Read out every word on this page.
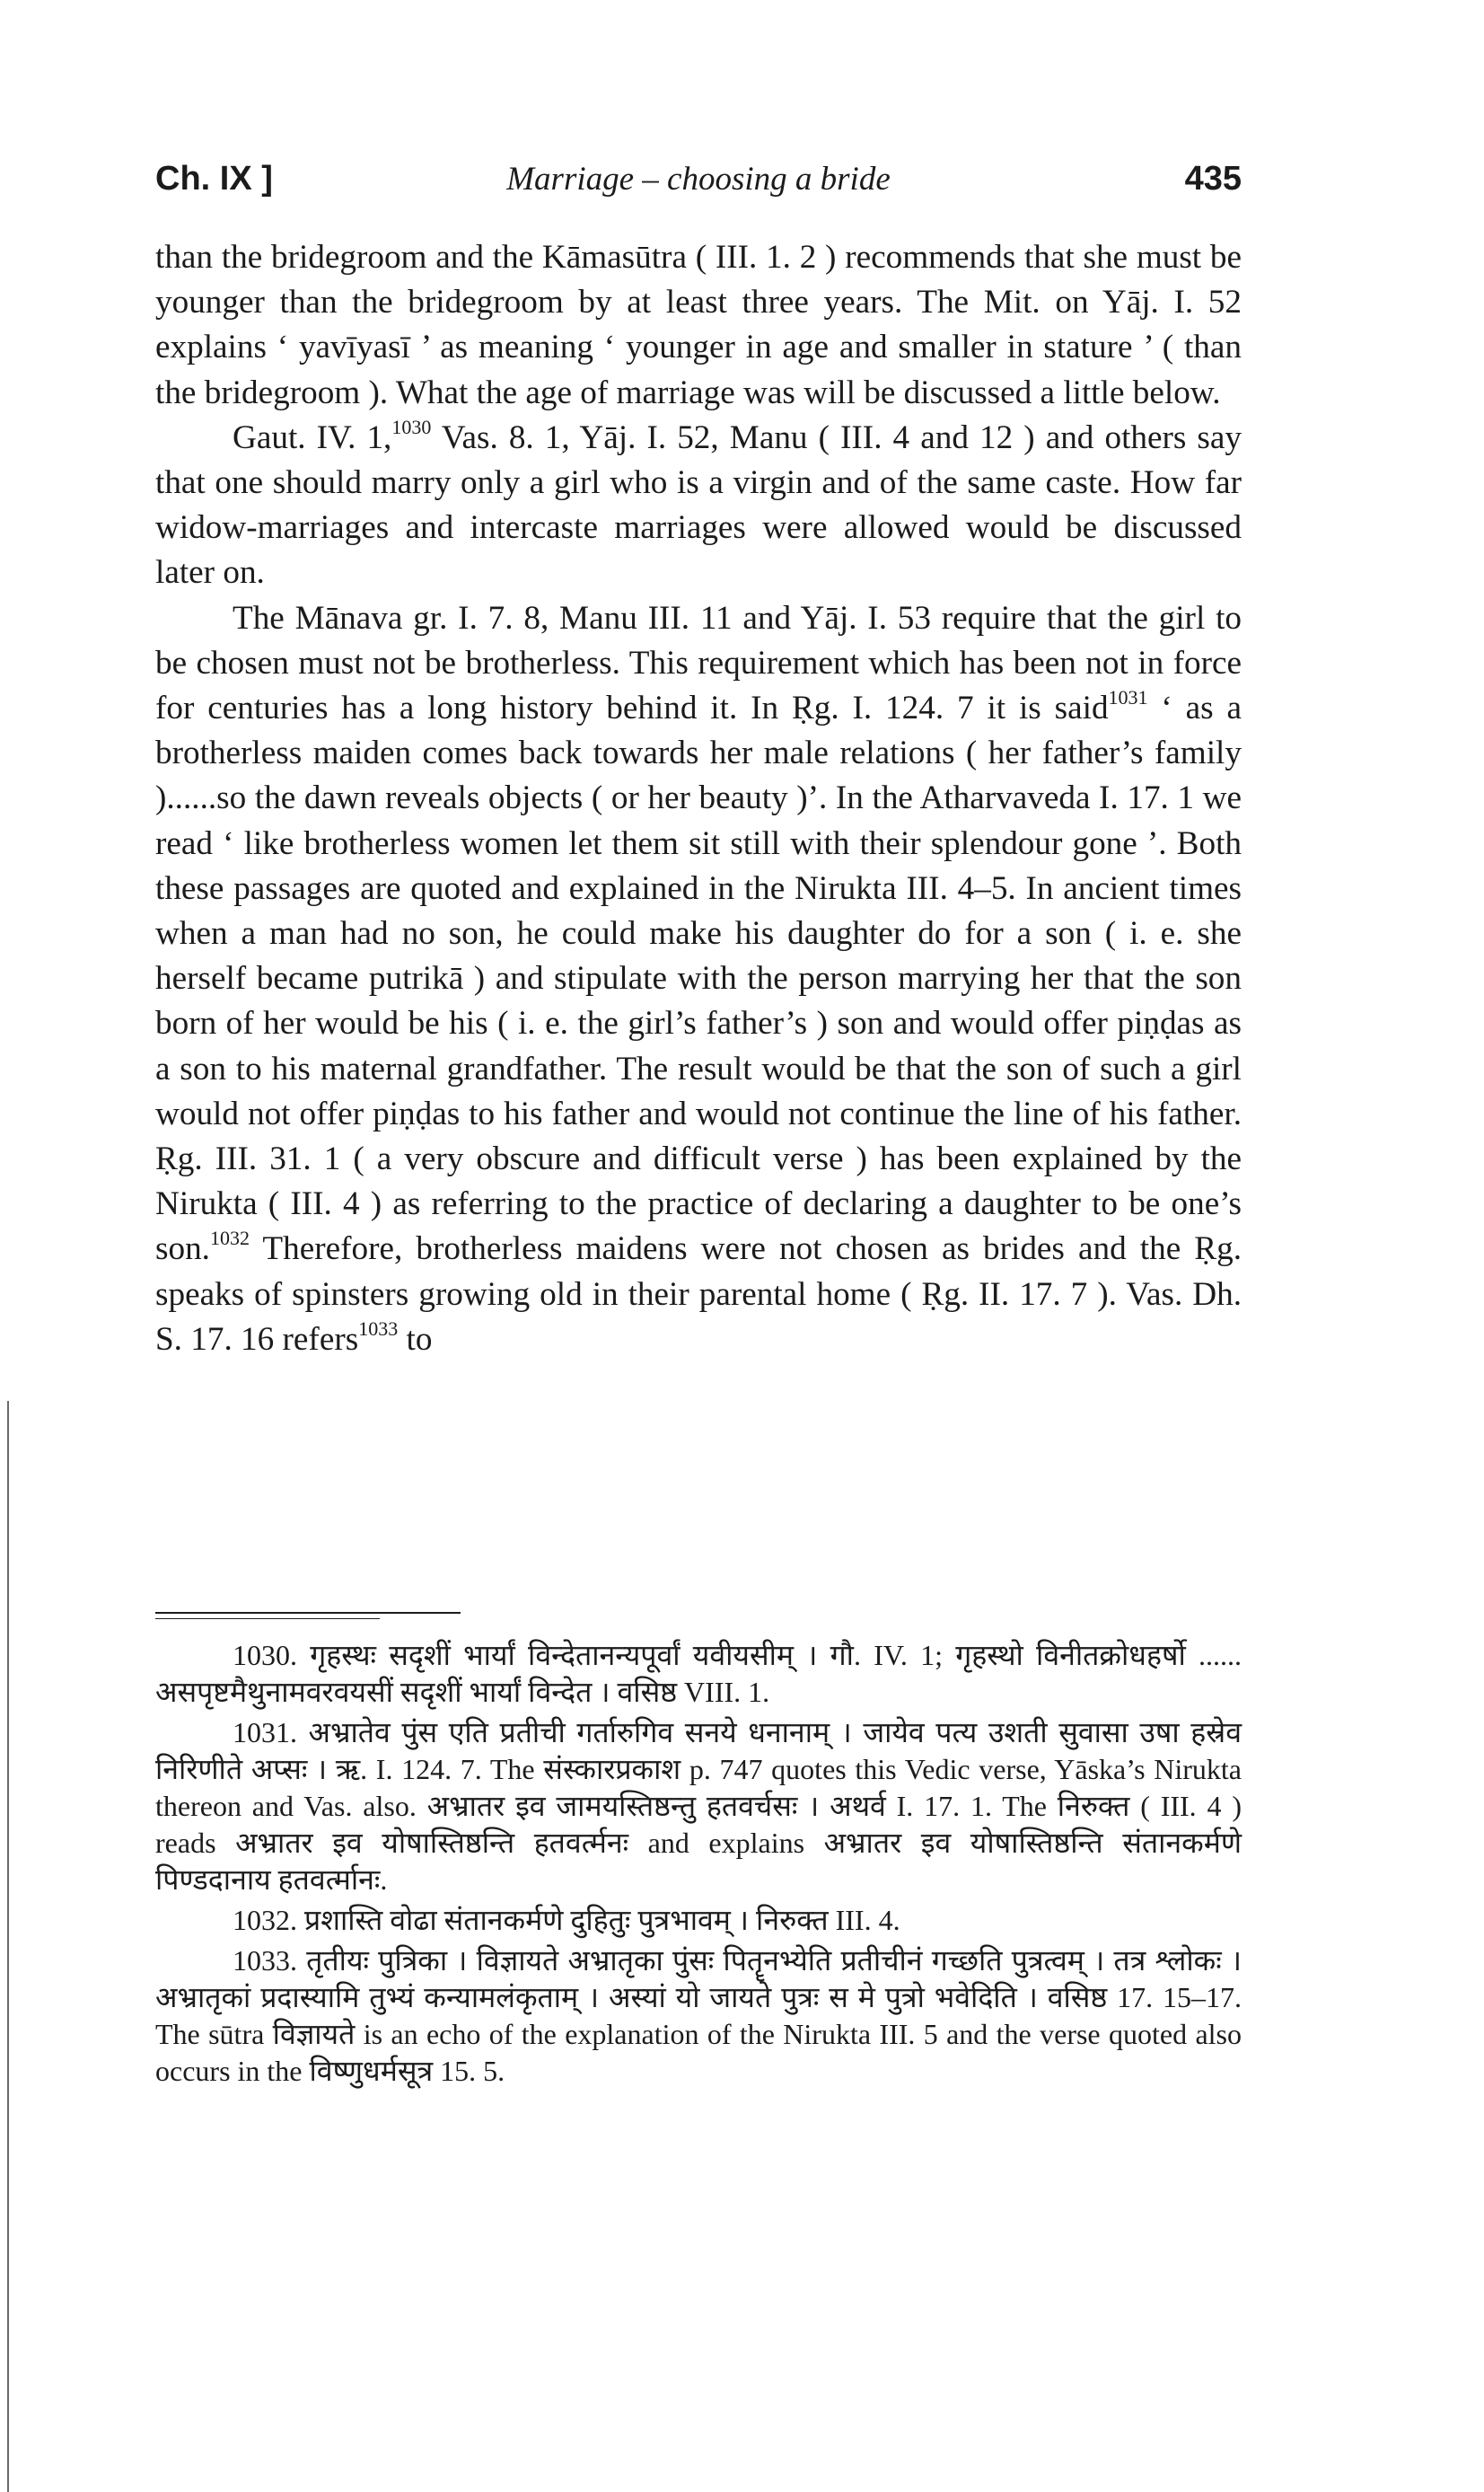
Ch. IX ]	Marriage – choosing a bride	435

than the bridegroom and the Kāmasūtra ( III. 1. 2 ) recommends that she must be younger than the bridegroom by at least three years. The Mit. on Yāj. I. 52 explains ‘ yavīyasī ’ as meaning ‘ younger in age and smaller in stature ’ ( than the bridegroom ). What the age of marriage was will be discussed a little below.

Gaut. IV. 1,$^{1030}$ Vas. 8. 1, Yāj. I. 52, Manu ( III. 4 and 12 ) and others say that one should marry only a girl who is a virgin and of the same caste. How far widow-marriages and intercaste marriages were allowed would be discussed later on.

The Mānava gr. I. 7. 8, Manu III. 11 and Yāj. I. 53 require that the girl to be chosen must not be brotherless. This requirement which has been not in force for centuries has a long history behind it. In Ṛg. I. 124. 7 it is said$^{1031}$ ‘ as a brotherless maiden comes back towards her male relations ( her father’s family )......so the dawn reveals objects ( or her beauty )’. In the Atharvaveda I. 17. 1 we read ‘ like brotherless women let them sit still with their splendour gone ’. Both these passages are quoted and explained in the Nirukta III. 4–5. In ancient times when a man had no son, he could make his daughter do for a son ( i. e. she herself became putrikā ) and stipulate with the person marrying her that the son born of her would be his ( i. e. the girl’s father’s ) son and would offer piṇḍas as a son to his maternal grandfather. The result would be that the son of such a girl would not offer piṇḍas to his father and would not continue the line of his father. Ṛg. III. 31. 1 ( a very obscure and difficult verse ) has been explained by the Nirukta ( III. 4 ) as referring to the practice of declaring a daughter to be one’s son.$^{1032}$ Therefore, brotherless maidens were not chosen as brides and the Ṛg. speaks of spinsters growing old in their parental home ( Ṛg. II. 17. 7 ). Vas. Dh. S. 17. 16 refers$^{1033}$ to

1030. गृहस्थः सदृशीं भार्यां विन्देतानन्यपूर्वां यवीयसीम् । गौ. IV. 1; गृहस्थो विनीतक्रोधहर्षो ...... असपृष्टमैथुनामवरवयसीं सदृशीं भार्यां विन्देत । वसिष्ठ VIII. 1.

1031. अभ्रातेव पुंस एति प्रतीची गर्तारुगिव सनये धनानाम् । जायेव पत्य उशती सुवासा उषा हस्रेव निरिणीते अप्सः । ऋ. I. 124. 7. The संस्कारप्रकाश p. 747 quotes this Vedic verse, Yāska’s Nirukta thereon and Vas. also. अभ्रातर इव जामयस्तिष्ठन्तु हतवर्चसः । अथर्व I. 17. 1. The निरुक्त ( III. 4 ) reads अभ्रातर इव योषास्तिष्ठन्ति हतवर्त्मनः and explains अभ्रातर इव योषास्तिष्ठन्ति संतानकर्मणे पिण्डदानाय हतवर्त्मानः.

1032. प्रशास्ति वोढा संतानकर्मणे दुहितुः पुत्रभावम् । निरुक्त III. 4.

1033. तृतीयः पुत्रिका । विज्ञायते अभ्रातृका पुंसः पितॄनभ्येति प्रतीचीनं गच्छति पुत्रत्वम् । तत्र श्लोकः । अभ्रातृकां प्रदास्यामि तुभ्यं कन्यामलंकृताम् । अस्यां यो जायते पुत्रः स मे पुत्रो भवेदिति । वसिष्ठ 17. 15–17. The sūtra विज्ञायते is an echo of the explanation of the Nirukta III. 5 and the verse quoted also occurs in the विष्णुधर्मसूत्र 15. 5.
